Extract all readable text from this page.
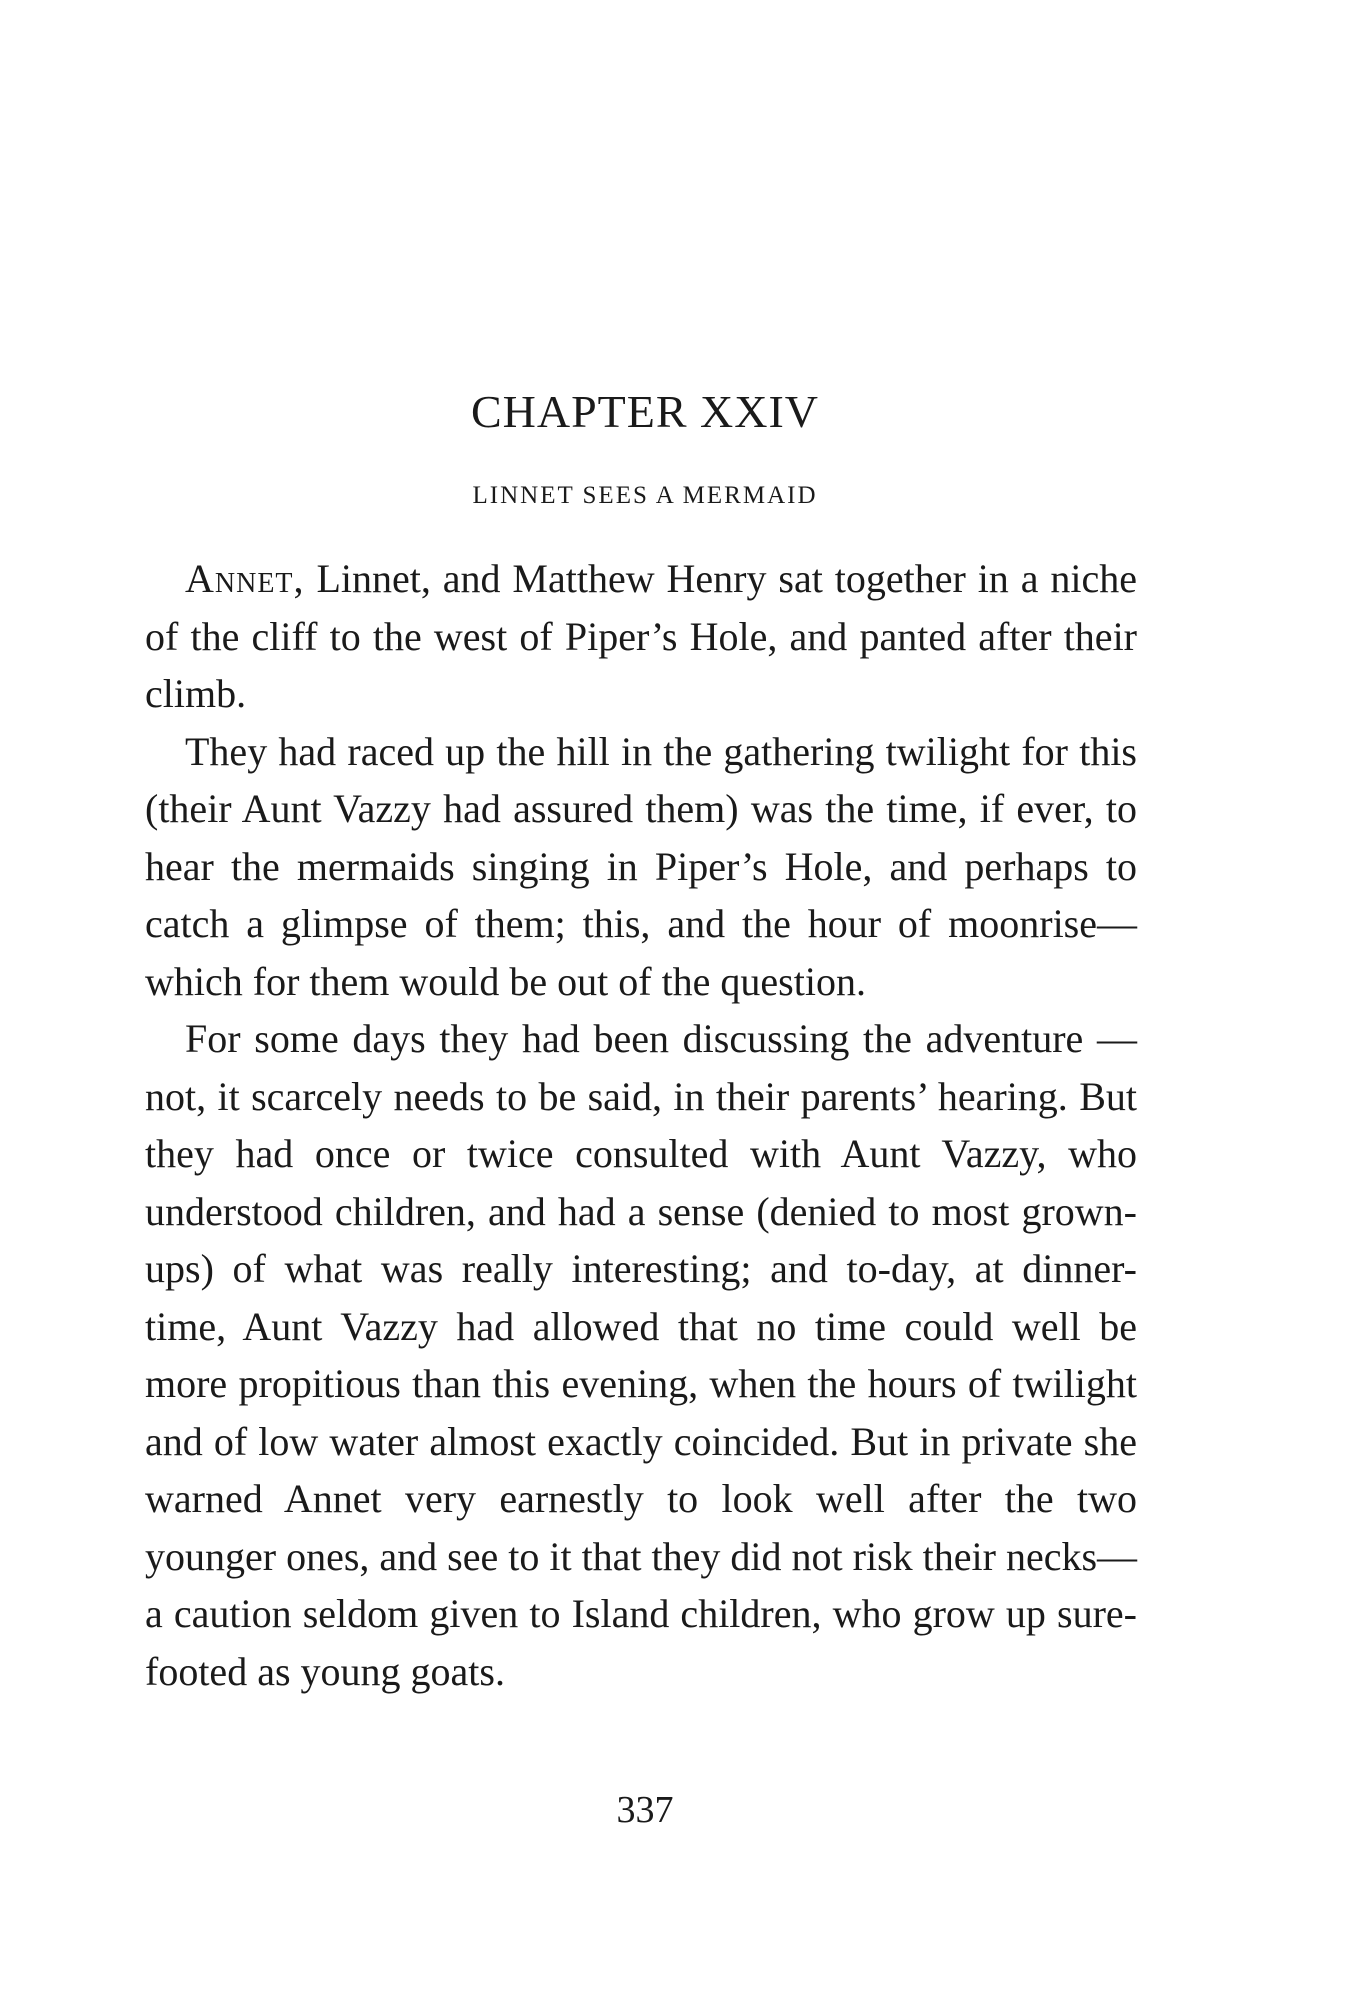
CHAPTER XXIV
LINNET SEES A MERMAID

Annet, Linnet, and Matthew Henry sat together in a niche of the cliff to the west of Piper’s Hole, and panted after their climb.

They had raced up the hill in the gathering twilight for this (their Aunt Vazzy had assured them) was the time, if ever, to hear the mermaids singing in Piper’s Hole, and perhaps to catch a glimpse of them; this, and the hour of moonrise—which for them would be out of the question.

For some days they had been discussing the adventure —not, it scarcely needs to be said, in their parents’ hearing. But they had once or twice consulted with Aunt Vazzy, who understood children, and had a sense (denied to most grown-ups) of what was really interesting; and to-day, at dinner-time, Aunt Vazzy had allowed that no time could well be more propitious than this evening, when the hours of twilight and of low water almost exactly coincided. But in private she warned Annet very earnestly to look well after the two younger ones, and see to it that they did not risk their necks—a caution seldom given to Island children, who grow up sure-footed as young goats.

337
